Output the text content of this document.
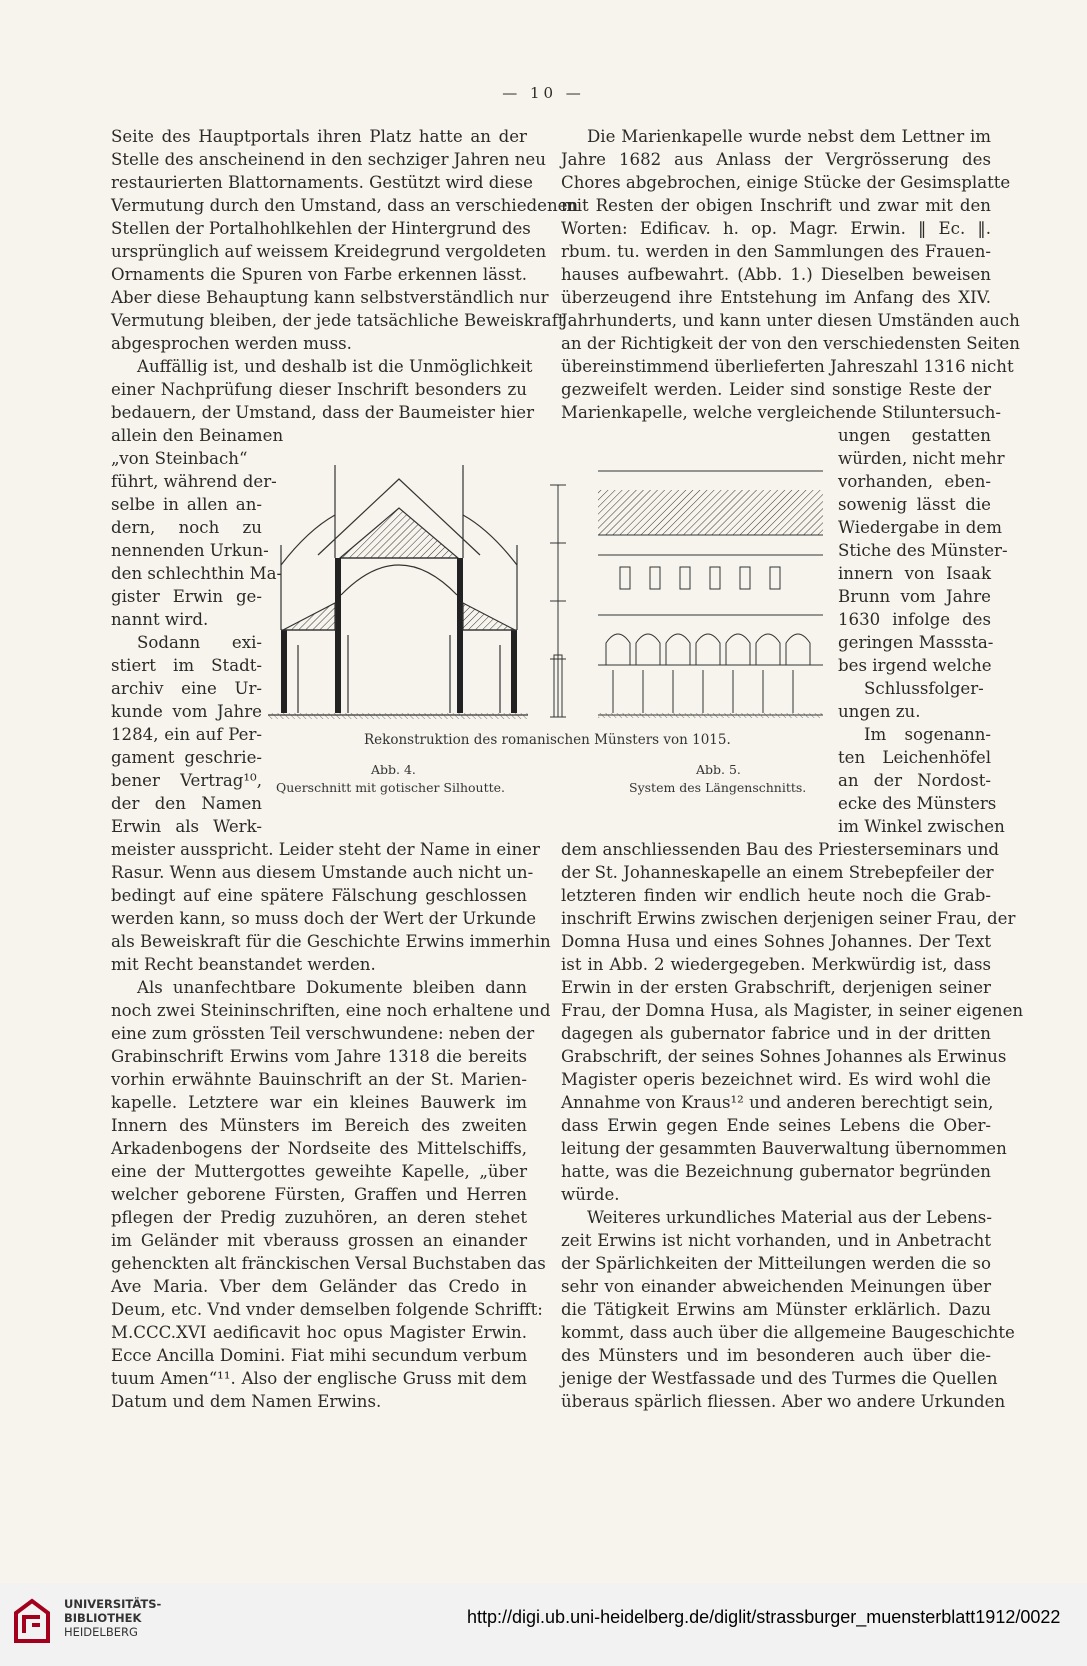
— 10 —
Seite des Hauptportals ihren Platz hatte an der
Stelle des anscheinend in den sechziger Jahren neu
restaurierten Blattornaments. Gestützt wird diese
Vermutung durch den Umstand, dass an verschiedenen
Stellen der Portalhohlkehlen der Hintergrund des
ursprünglich auf weissem Kreidegrund vergoldeten
Ornaments die Spuren von Farbe erkennen lässt.
Aber diese Behauptung kann selbstverständlich nur
Vermutung bleiben, der jede tatsächliche Beweiskraft
abgesprochen werden muss.
Auffällig ist, und deshalb ist die Unmöglichkeit
einer Nachprüfung dieser Inschrift besonders zu
bedauern, der Umstand, dass der Baumeister hier
allein den Beinamen
„von Steinbach“
führt, während der-
selbe in allen an-
dern, noch zu
nennenden Urkun-
den schlechthin Ma-
gister Erwin ge-
nannt wird.
Sodann exi-
stiert im Stadt-
archiv eine Ur-
kunde vom Jahre
1284, ein auf Per-
gament geschrie-
bener Vertrag¹⁰,
der den Namen
Erwin als Werk-
meister ausspricht. Leider steht der Name in einer
Rasur. Wenn aus diesem Umstande auch nicht un-
bedingt auf eine spätere Fälschung geschlossen
werden kann, so muss doch der Wert der Urkunde
als Beweiskraft für die Geschichte Erwins immerhin
mit Recht beanstandet werden.
Als unanfechtbare Dokumente bleiben dann
noch zwei Steininschriften, eine noch erhaltene und
eine zum grössten Teil verschwundene: neben der
Grabinschrift Erwins vom Jahre 1318 die bereits
vorhin erwähnte Bauinschrift an der St. Marien-
kapelle. Letztere war ein kleines Bauwerk im
Innern des Münsters im Bereich des zweiten
Arkadenbogens der Nordseite des Mittelschiffs,
eine der Muttergottes geweihte Kapelle, „über
welcher geborene Fürsten, Graffen und Herren
pflegen der Predig zuzuhören, an deren stehet
im Geländer mit vberauss grossen an einander
gehenckten alt fränckischen Versal Buchstaben das
Ave Maria. Vber dem Geländer das Credo in
Deum, etc. Vnd vnder demselben folgende Schrifft:
M.CCC.XVI aedificavit hoc opus Magister Erwin.
Ecce Ancilla Domini. Fiat mihi secundum verbum
tuum Amen“¹¹. Also der englische Gruss mit dem
Datum und dem Namen Erwins.
Die Marienkapelle wurde nebst dem Lettner im
Jahre 1682 aus Anlass der Vergrösserung des
Chores abgebrochen, einige Stücke der Gesimsplatte
mit Resten der obigen Inschrift und zwar mit den
Worten: Edificav. h. op. Magr. Erwin. ‖ Ec. ‖.
rbum. tu. werden in den Sammlungen des Frauen-
hauses aufbewahrt. (Abb. 1.) Dieselben beweisen
überzeugend ihre Entstehung im Anfang des XIV.
Jahrhunderts, und kann unter diesen Umständen auch
an der Richtigkeit der von den verschiedensten Seiten
übereinstimmend überlieferten Jahreszahl 1316 nicht
gezweifelt werden. Leider sind sonstige Reste der
Marienkapelle, welche vergleichende Stiluntersuch-
ungen gestatten
würden, nicht mehr
vorhanden, eben-
sowenig lässt die
Wiedergabe in dem
Stiche des Münster-
innern von Isaak
Brunn vom Jahre
1630 infolge des
geringen Masssta-
bes irgend welche
Schlussfolger-
ungen zu.
Im sogenann-
ten Leichenhöfel
an der Nordost-
ecke des Münsters
im Winkel zwischen
dem anschliessenden Bau des Priesterseminars und
der St. Johanneskapelle an einem Strebepfeiler der
letzteren finden wir endlich heute noch die Grab-
inschrift Erwins zwischen derjenigen seiner Frau, der
Domna Husa und eines Sohnes Johannes. Der Text
ist in Abb. 2 wiedergegeben. Merkwürdig ist, dass
Erwin in der ersten Grabschrift, derjenigen seiner
Frau, der Domna Husa, als Magister, in seiner eigenen
dagegen als gubernator fabrice und in der dritten
Grabschrift, der seines Sohnes Johannes als Erwinus
Magister operis bezeichnet wird. Es wird wohl die
Annahme von Kraus¹² und anderen berechtigt sein,
dass Erwin gegen Ende seines Lebens die Ober-
leitung der gesammten Bauverwaltung übernommen
hatte, was die Bezeichnung gubernator begründen
würde.
Weiteres urkundliches Material aus der Lebens-
zeit Erwins ist nicht vorhanden, und in Anbetracht
der Spärlichkeiten der Mitteilungen werden die so
sehr von einander abweichenden Meinungen über
die Tätigkeit Erwins am Münster erklärlich. Dazu
kommt, dass auch über die allgemeine Baugeschichte
des Münsters und im besonderen auch über die-
jenige der Westfassade und des Turmes die Quellen
überaus spärlich fliessen. Aber wo andere Urkunden
Rekonstruktion des romanischen Münsters von 1015.
Abb. 4.
Querschnitt mit gotischer Silhoutte.
Abb. 5.
System des Längenschnitts.
UNIVERSITÄTS-
BIBLIOTHEK
HEIDELBERG
http://digi.ub.uni-heidelberg.de/diglit/strassburger_muensterblatt1912/0022
